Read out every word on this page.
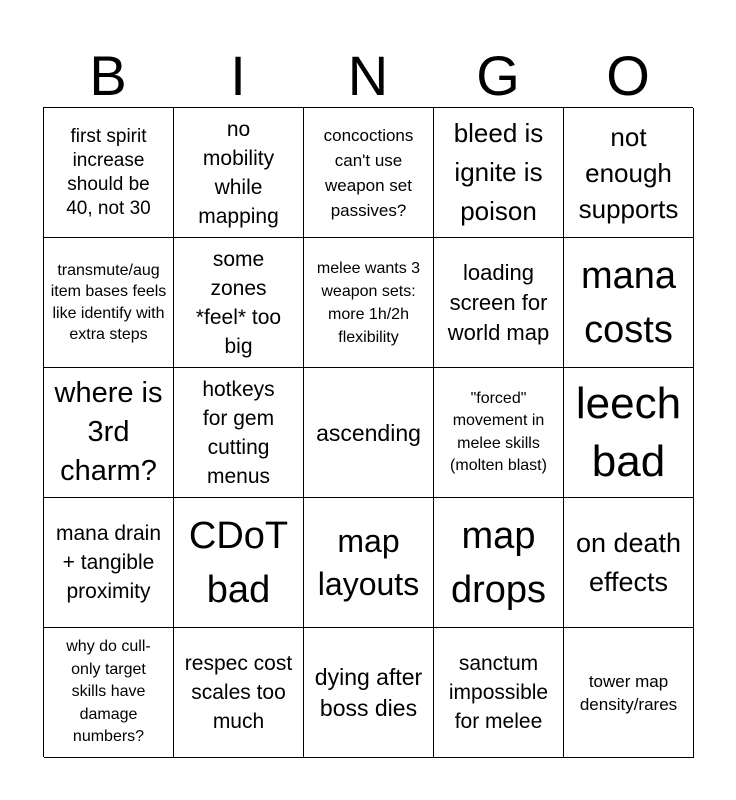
B	I	N	G	O
first spirit increase should be 40, not 30
no mobility while mapping
concoctions can't use weapon set passives?
bleed is ignite is poison
not enough supports
transmute/aug item bases feels like identify with extra steps
some zones *feel* too big
melee wants 3 weapon sets: more 1h/2h flexibility
loading screen for world map
mana costs
where is 3rd charm?
hotkeys for gem cutting menus
ascending
"forced" movement in melee skills (molten blast)
leech bad
mana drain + tangible proximity
CDoT bad
map layouts
map drops
on death effects
why do cull-only target skills have damage numbers?
respec cost scales too much
dying after boss dies
sanctum impossible for melee
tower map density/rares
